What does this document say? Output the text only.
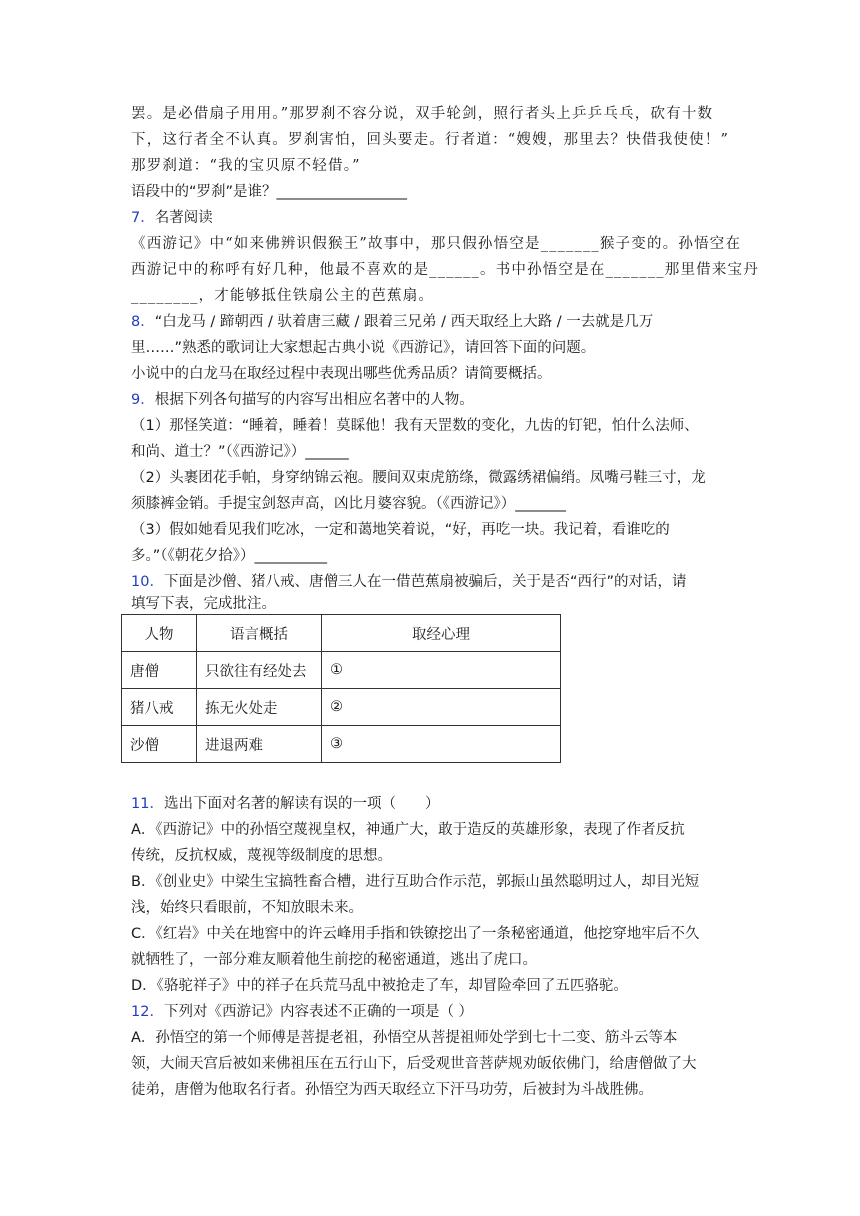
罢。是必借扇子用用。”那罗刹不容分说，双手轮剑，照行者头上乒乒乓乓，砍有十数
下，这行者全不认真。罗刹害怕，回头要走。行者道：“嫂嫂，那里去？快借我使使！”
那罗刹道：“我的宝贝原不轻借。”
语段中的“罗刹”是谁？__________________
7．名著阅读
《西游记》中“如来佛辨识假猴王”故事中，那只假孙悟空是_______猴子变的。孙悟空在
西游记中的称呼有好几种，他最不喜欢的是______。书中孙悟空是在_______那里借来宝丹
________，才能够抵住铁扇公主的芭蕉扇。
8．“白龙马 / 蹄朝西 / 驮着唐三藏 / 跟着三兄弟 / 西天取经上大路 / 一去就是几万
里……”熟悉的歌词让大家想起古典小说《西游记》，请回答下面的问题。
小说中的白龙马在取经过程中表现出哪些优秀品质？请简要概括。
9．根据下列各句描写的内容写出相应名著中的人物。
（1）那怪笑道：“睡着，睡着！莫睬他！我有天罡数的变化，九齿的钉钯，怕什么法师、
和尚、道士？”（《西游记》）______
（2）头裹团花手帕，身穿纳锦云袍。腰间双束虎筋绦，微露绣裙偏绡。凤嘴弓鞋三寸，龙
须膝裤金销。手提宝剑怒声高，凶比月婆容貌。（《西游记》）_______
（3）假如她看见我们吃冰，一定和蔼地笑着说，“好，再吃一块。我记着，看谁吃的
多。”（《朝花夕拾》）__________
10．下面是沙僧、猪八戒、唐僧三人在一借芭蕉扇被骗后，关于是否“西行”的对话，请
填写下表，完成批注。
人物	语言概括	取经心理
唐僧	只欲往有经处去	①
猪八戒	拣无火处走	②
沙僧	进退两难	③
11．选出下面对名著的解读有误的一项（　　）
A．《西游记》中的孙悟空蔑视皇权，神通广大，敢于造反的英雄形象，表现了作者反抗
传统，反抗权威，蔑视等级制度的思想。
B．《创业史》中梁生宝搞牲畜合槽，进行互助合作示范，郭振山虽然聪明过人，却目光短
浅，始终只看眼前，不知放眼未来。
C．《红岩》中关在地窖中的许云峰用手指和铁镣挖出了一条秘密通道，他挖穿地牢后不久
就牺牲了，一部分难友顺着他生前挖的秘密通道，逃出了虎口。
D．《骆驼祥子》中的祥子在兵荒马乱中被抢走了车，却冒险牵回了五匹骆驼。
12．下列对《西游记》内容表述不正确的一项是（ ）
A．孙悟空的第一个师傅是菩提老祖，孙悟空从菩提祖师处学到七十二变、筋斗云等本
领，大闹天宫后被如来佛祖压在五行山下，后受观世音菩萨规劝皈依佛门，给唐僧做了大
徒弟，唐僧为他取名行者。孙悟空为西天取经立下汗马功劳，后被封为斗战胜佛。
